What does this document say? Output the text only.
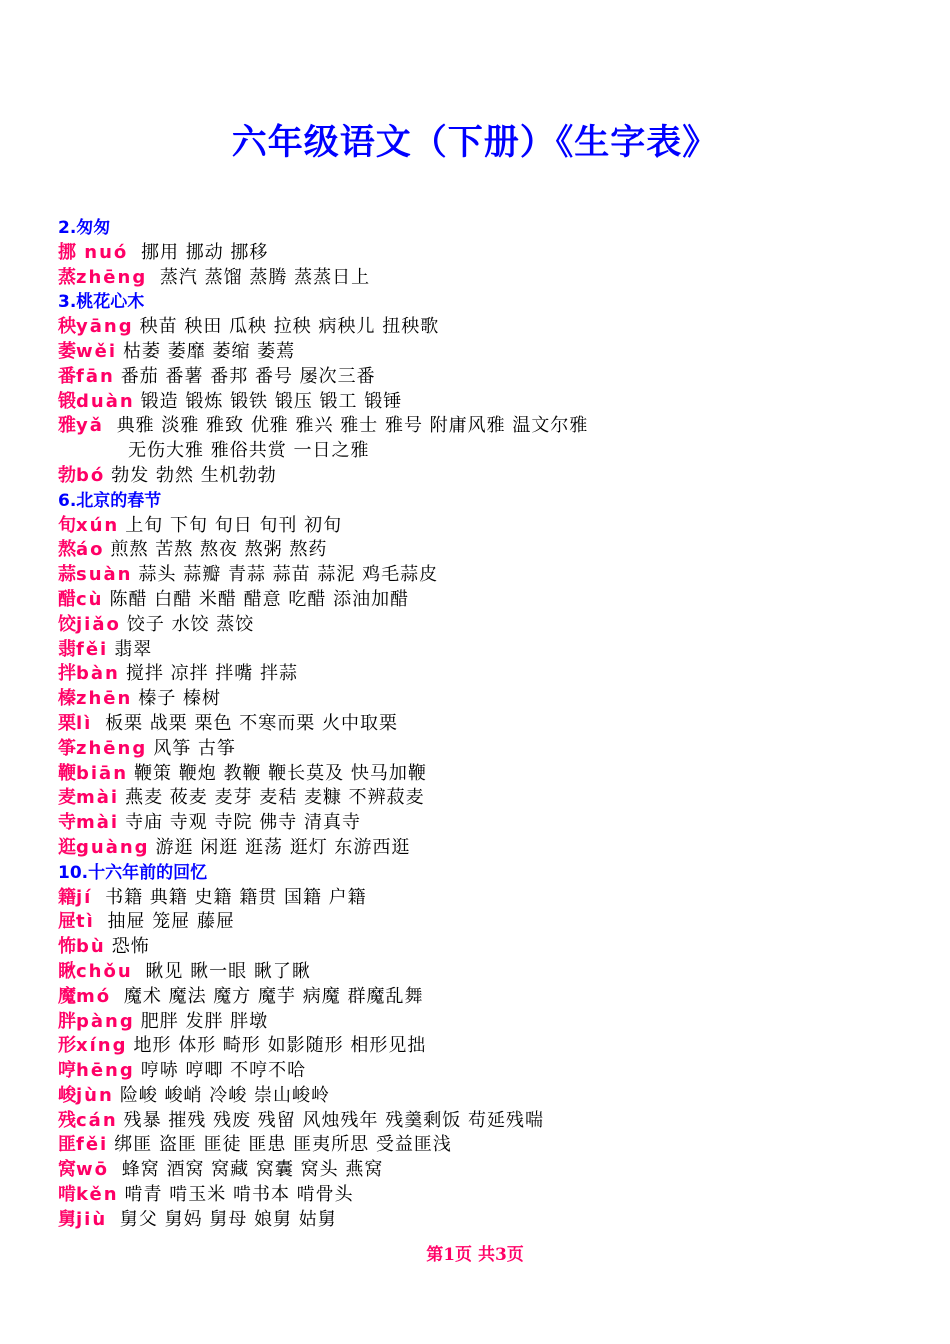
六年级语文（下册）《生字表》
2.匆匆
挪 nuó 挪用 挪动 挪移
蒸zhēng 蒸汽 蒸馏 蒸腾 蒸蒸日上
3.桃花心木
秧yāng 秧苗 秧田 瓜秧 拉秧 病秧儿 扭秧歌
萎wěi 枯萎 萎靡 萎缩 萎蔫
番fān 番茄 番薯 番邦 番号 屡次三番
锻duàn 锻造 锻炼 锻铁 锻压 锻工 锻锤
雅yǎ 典雅 淡雅 雅致 优雅 雅兴 雅士 雅号 附庸风雅 温文尔雅
无伤大雅 雅俗共赏 一日之雅
勃bó 勃发 勃然 生机勃勃
6.北京的春节
旬xún 上旬 下旬 旬日 旬刊 初旬
熬áo 煎熬 苦熬 熬夜 熬粥 熬药
蒜suàn 蒜头 蒜瓣 青蒜 蒜苗 蒜泥 鸡毛蒜皮
醋cù 陈醋 白醋 米醋 醋意 吃醋 添油加醋
饺jiǎo 饺子 水饺 蒸饺
翡fěi 翡翠
拌bàn 搅拌 凉拌 拌嘴 拌蒜
榛zhēn 榛子 榛树
栗lì 板栗 战栗 栗色 不寒而栗 火中取栗
筝zhēng 风筝 古筝
鞭biān 鞭策 鞭炮 教鞭 鞭长莫及 快马加鞭
麦mài 燕麦 莜麦 麦芽 麦秸 麦糠 不辨菽麦
寺mài 寺庙 寺观 寺院 佛寺 清真寺
逛guàng 游逛 闲逛 逛荡 逛灯 东游西逛
10.十六年前的回忆
籍jí 书籍 典籍 史籍 籍贯 国籍 户籍
屉tì 抽屉 笼屉 藤屉
怖bù 恐怖
瞅chǒu 瞅见 瞅一眼 瞅了瞅
魔mó 魔术 魔法 魔方 魔芋 病魔 群魔乱舞
胖pàng 肥胖 发胖 胖墩
形xíng 地形 体形 畸形 如影随形 相形见拙
哼hēng 哼哧 哼唧 不哼不哈
峻jùn 险峻 峻峭 冷峻 崇山峻岭
残cán 残暴 摧残 残废 残留 风烛残年 残羹剩饭 苟延残喘
匪fěi 绑匪 盗匪 匪徒 匪患 匪夷所思 受益匪浅
窝wō 蜂窝 酒窝 窝藏 窝囊 窝头 燕窝
啃kěn 啃青 啃玉米 啃书本 啃骨头
舅jiù 舅父 舅妈 舅母 娘舅 姑舅
第1页 共3页
